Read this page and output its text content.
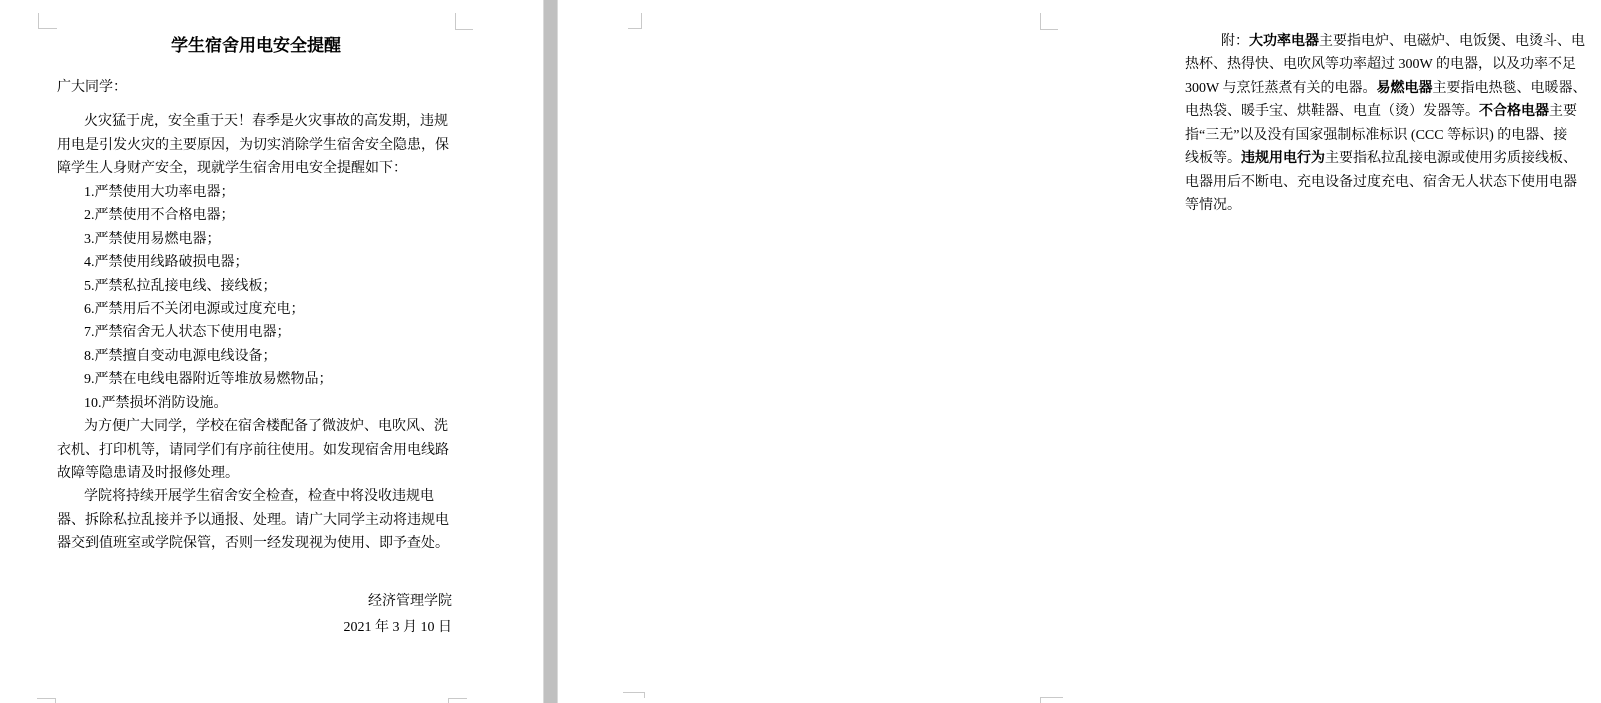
学生宿舍用电安全提醒
广大同学：
火灾猛于虎，安全重于天！春季是火灾事故的高发期，违规
用电是引发火灾的主要原因，为切实消除学生宿舍安全隐患，保
障学生人身财产安全，现就学生宿舍用电安全提醒如下：
1.严禁使用大功率电器；
2.严禁使用不合格电器；
3.严禁使用易燃电器；
4.严禁使用线路破损电器；
5.严禁私拉乱接电线、接线板；
6.严禁用后不关闭电源或过度充电；
7.严禁宿舍无人状态下使用电器；
8.严禁擅自变动电源电线设备；
9.严禁在电线电器附近等堆放易燃物品；
10.严禁损坏消防设施。
为方便广大同学，学校在宿舍楼配备了微波炉、电吹风、洗
衣机、打印机等，请同学们有序前往使用。如发现宿舍用电线路
故障等隐患请及时报修处理。
学院将持续开展学生宿舍安全检查，检查中将没收违规电
器、拆除私拉乱接并予以通报、处理。请广大同学主动将违规电
器交到值班室或学院保管，否则一经发现视为使用、即予查处。
经济管理学院
2021 年 3 月 10 日
附：大功率电器主要指电炉、电磁炉、电饭煲、电烫斗、电
热杯、热得快、电吹风等功率超过 300W 的电器，以及功率不足
300W 与烹饪蒸煮有关的电器。易燃电器主要指电热毯、电暖器、
电热袋、暖手宝、烘鞋器、电直（烫）发器等。不合格电器主要
指“三无”以及没有国家强制标准标识 (CCC 等标识) 的电器、接
线板等。违规用电行为主要指私拉乱接电源或使用劣质接线板、
电器用后不断电、充电设备过度充电、宿舍无人状态下使用电器
等情况。
